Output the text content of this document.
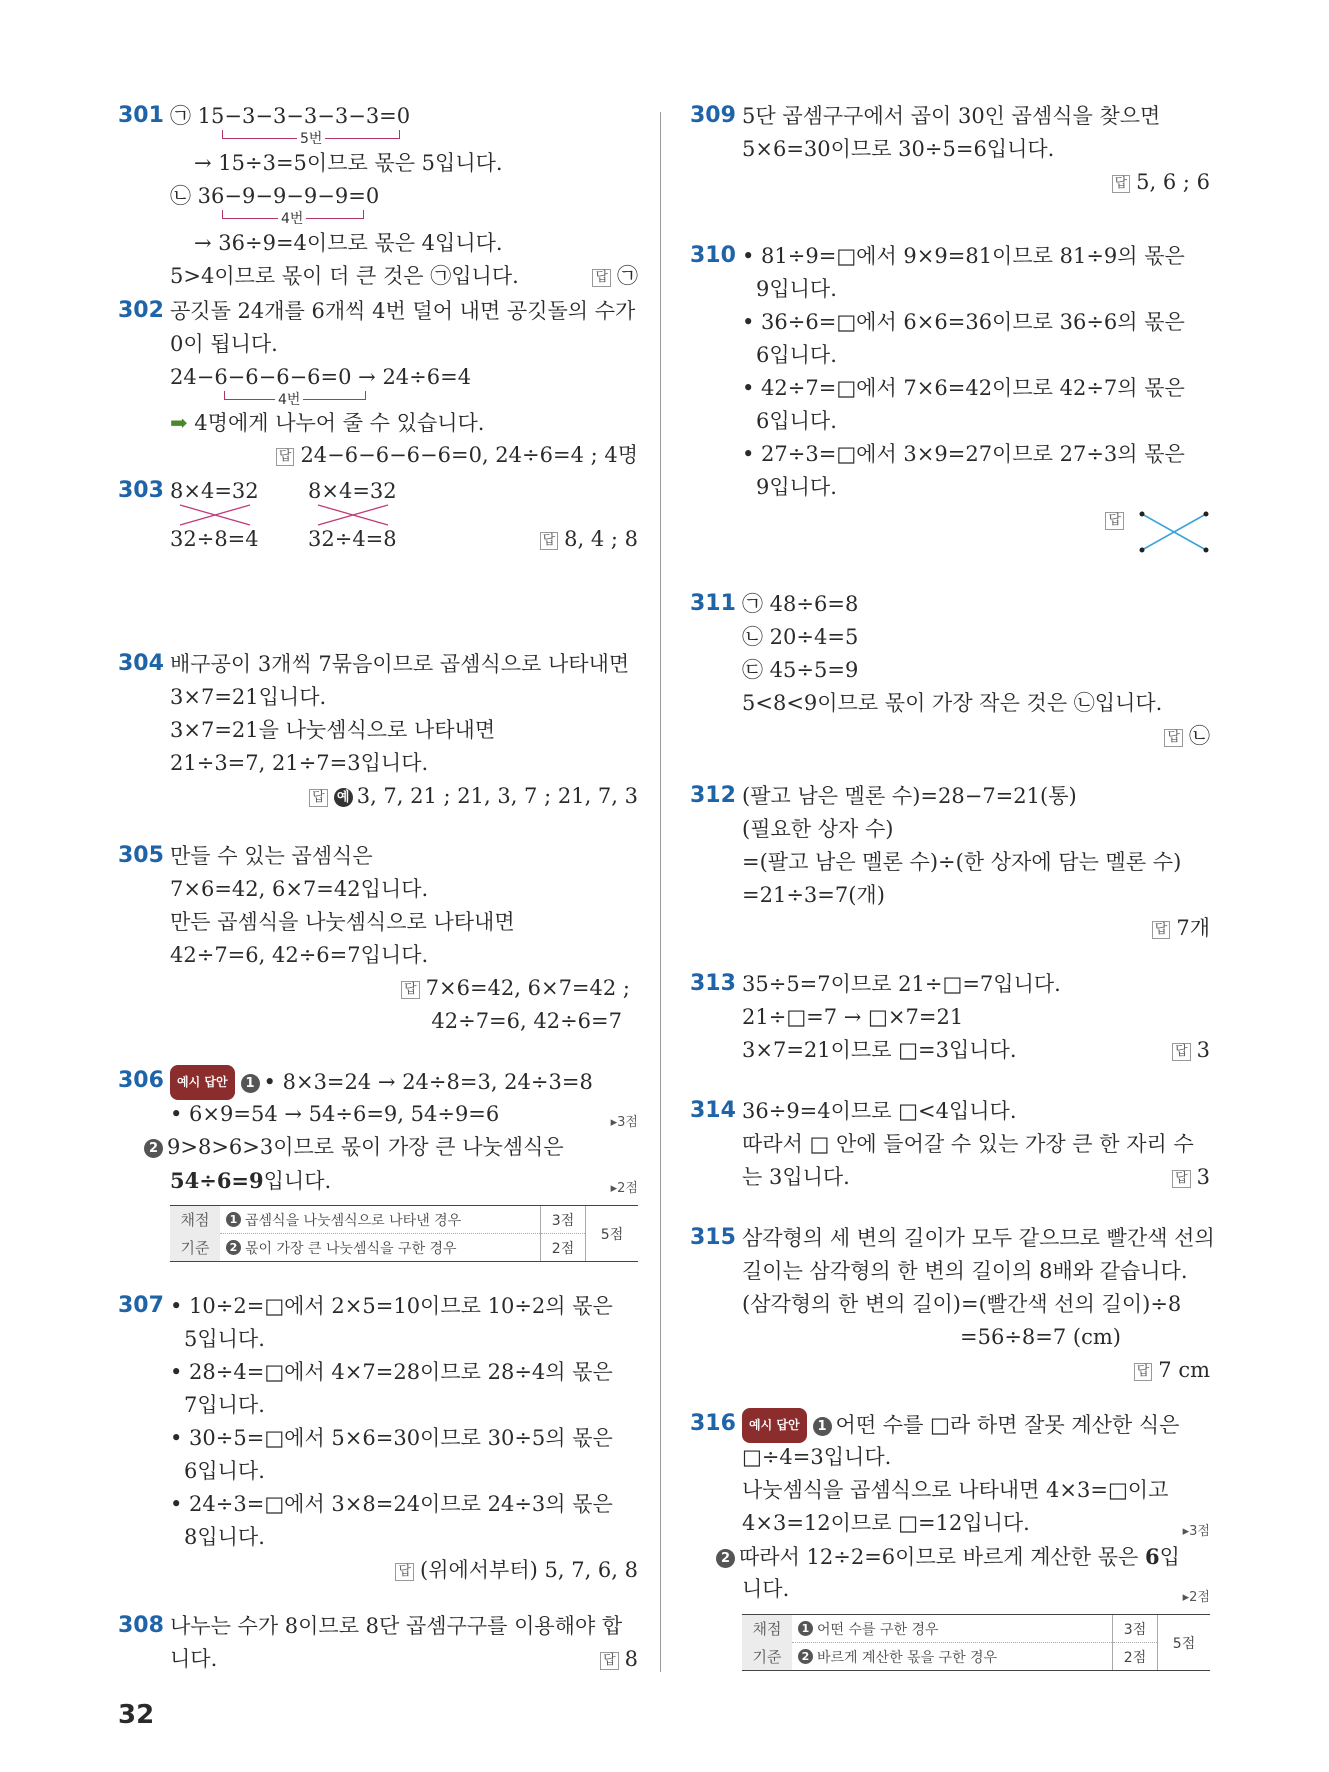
301 ㉠ 15−3−3−3−3−3=0
5번
→ 15÷3=5이므로 몫은 5입니다.
㉡ 36−9−9−9−9=0
4번
→ 36÷9=4이므로 몫은 4입니다.
5>4이므로 몫이 더 큰 것은 ㉠입니다.	답 ㉠
302 공깃돌 24개를 6개씩 4번 덜어 내면 공깃돌의 수가
0이 됩니다.
24−6−6−6−6=0 → 24÷6=4
4번
➡ 4명에게 나누어 줄 수 있습니다.
답 24−6−6−6−6=0, 24÷6=4 ; 4명
303 8×4=32 8×4=32
32÷8=4 32÷4=8	답 8, 4 ; 8
304 배구공이 3개씩 7묶음이므로 곱셈식으로 나타내면
3×7=21입니다.
3×7=21을 나눗셈식으로 나타내면
21÷3=7, 21÷7=3입니다.
답 예 3, 7, 21 ; 21, 3, 7 ; 21, 7, 3
305 만들 수 있는 곱셈식은
7×6=42, 6×7=42입니다.
만든 곱셈식을 나눗셈식으로 나타내면
42÷7=6, 42÷6=7입니다.
답 7×6=42, 6×7=42 ;
42÷7=6, 42÷6=7
306	예시 답안 1 • 8×3=24 → 24÷8=3, 24÷3=8
• 6×9=54 → 54÷6=9, 54÷9=6	▸3점
2 9>8>6>3이므로 몫이 가장 큰 나눗셈식은
54÷6=9입니다.	▸2점
채점	1 곱셈식을 나눗셈식으로 나타낸 경우	3점	5점
기준	2 몫이 가장 큰 나눗셈식을 구한 경우	2점	
307 • 10÷2=□에서 2×5=10이므로 10÷2의 몫은
5입니다.
• 28÷4=□에서 4×7=28이므로 28÷4의 몫은
7입니다.
• 30÷5=□에서 5×6=30이므로 30÷5의 몫은
6입니다.
• 24÷3=□에서 3×8=24이므로 24÷3의 몫은
8입니다.
답 (위에서부터) 5, 7, 6, 8
308 나누는 수가 8이므로 8단 곱셈구구를 이용해야 합
니다.	답 8
309 5단 곱셈구구에서 곱이 30인 곱셈식을 찾으면
5×6=30이므로 30÷5=6입니다.
답 5, 6 ; 6
310 • 81÷9=□에서 9×9=81이므로 81÷9의 몫은
9입니다.
• 36÷6=□에서 6×6=36이므로 36÷6의 몫은
6입니다.
• 42÷7=□에서 7×6=42이므로 42÷7의 몫은
6입니다.
• 27÷3=□에서 3×9=27이므로 27÷3의 몫은
9입니다.
답
311 ㉠ 48÷6=8
㉡ 20÷4=5
㉢ 45÷5=9
5<8<9이므로 몫이 가장 작은 것은 ㉡입니다.
답 ㉡
312 (팔고 남은 멜론 수)=28−7=21(통)
(필요한 상자 수)
=(팔고 남은 멜론 수)÷(한 상자에 담는 멜론 수)
=21÷3=7(개)
답 7개
313 35÷5=7이므로 21÷□=7입니다.
21÷□=7 → □×7=21
3×7=21이므로 □=3입니다.	답 3
314 36÷9=4이므로 □<4입니다.
따라서 □ 안에 들어갈 수 있는 가장 큰 한 자리 수
는 3입니다.	답 3
315 삼각형의 세 변의 길이가 모두 같으므로 빨간색 선의
길이는 삼각형의 한 변의 길이의 8배와 같습니다.
(삼각형의 한 변의 길이)=(빨간색 선의 길이)÷8
=56÷8=7 (cm)
답 7 cm
316	예시 답안 1 어떤 수를 □라 하면 잘못 계산한 식은
□÷4=3입니다.
나눗셈식을 곱셈식으로 나타내면 4×3=□이고
4×3=12이므로 □=12입니다.	▸3점
2 따라서 12÷2=6이므로 바르게 계산한 몫은 6입
니다.	▸2점
채점	1 어떤 수를 구한 경우	3점	5점
기준	2 바르게 계산한 몫을 구한 경우	2점	
32
